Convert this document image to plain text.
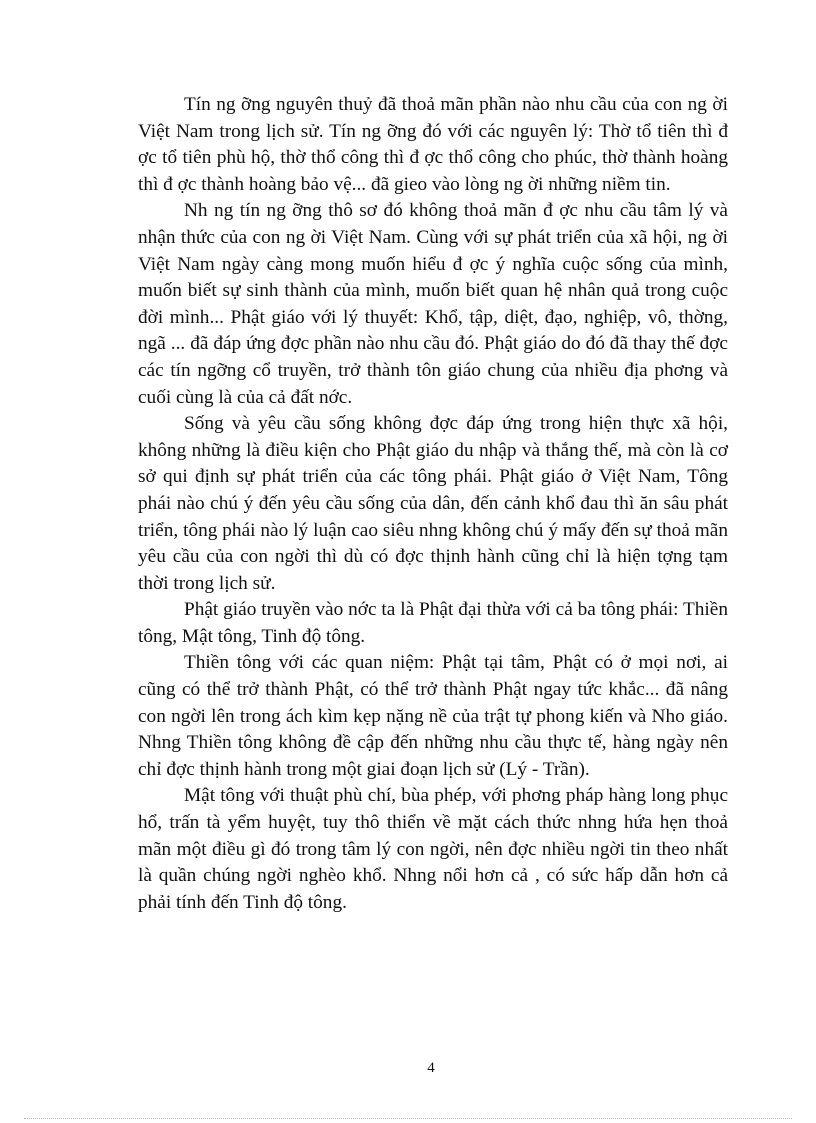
Tín ng ỡng nguyên thuỷ đã thoả mãn phần nào nhu cầu của con ng ời Việt Nam trong lịch sử. Tín ng ỡng đó với các nguyên lý: Thờ tổ tiên thì đ ợc tổ tiên phù hộ, thờ thổ công thì đ ợc thổ công cho phúc, thờ thành hoàng thì đ ợc thành hoàng bảo vệ... đã gieo vào lòng ng ời những niềm tin.

Nh ng tín ng ỡng thô sơ đó không thoả mãn đ ợc nhu cầu tâm lý và nhận thức của con ng ời Việt Nam. Cùng với sự phát triển của xã hội, ng ời Việt Nam ngày càng mong muốn hiểu đ ợc ý nghĩa cuộc sống của mình, muốn biết sự sinh thành của mình, muốn biết quan hệ nhân quả trong cuộc đời mình... Phật giáo với lý thuyết: Khổ, tập, diệt, đạo, nghiệp, vô, thờng, ngã ... đã đáp ứng đợc phần nào nhu cầu đó. Phật giáo do đó đã thay thế đợc các tín ngỡng cổ truyền, trở thành tôn giáo chung của nhiều địa phơng và cuối cùng là của cả đất nớc.

Sống và yêu cầu sống không đợc đáp ứng trong hiện thực xã hội, không những là điều kiện cho Phật giáo du nhập và thắng thế, mà còn là cơ sở qui định sự phát triển của các tông phái. Phật giáo ở Việt Nam, Tông phái nào chú ý đến yêu cầu sống của dân, đến cảnh khổ đau thì ăn sâu phát triển, tông phái nào lý luận cao siêu nhng không chú ý mấy đến sự thoả mãn yêu cầu của con ngời thì dù có đợc thịnh hành cũng chỉ là hiện tợng tạm thời trong lịch sử.

Phật giáo truyền vào nớc ta là Phật đại thừa với cả ba tông phái: Thiền tông, Mật tông, Tinh độ tông.

Thiền tông với các quan niệm: Phật tại tâm, Phật có ở mọi nơi, ai cũng có thể trở thành Phật, có thể trở thành Phật ngay tức khắc... đã nâng con ngời lên trong ách kìm kẹp nặng nề của trật tự phong kiến và Nho giáo. Nhng Thiền tông không đề cập đến những nhu cầu thực tế, hàng ngày nên chỉ đợc thịnh hành trong một giai đoạn lịch sử (Lý - Trần).

Mật tông với thuật phù chí, bùa phép, với phơng pháp hàng long phục hổ, trấn tà yểm huyệt, tuy thô thiển về mặt cách thức nhng hứa hẹn thoả mãn một điều gì đó trong tâm lý con ngời, nên đợc nhiều ngời tin theo nhất là quần chúng ngời nghèo khổ. Nhng nổi hơn cả , có sức hấp dẫn hơn cả phải tính đến Tinh độ tông.

4
